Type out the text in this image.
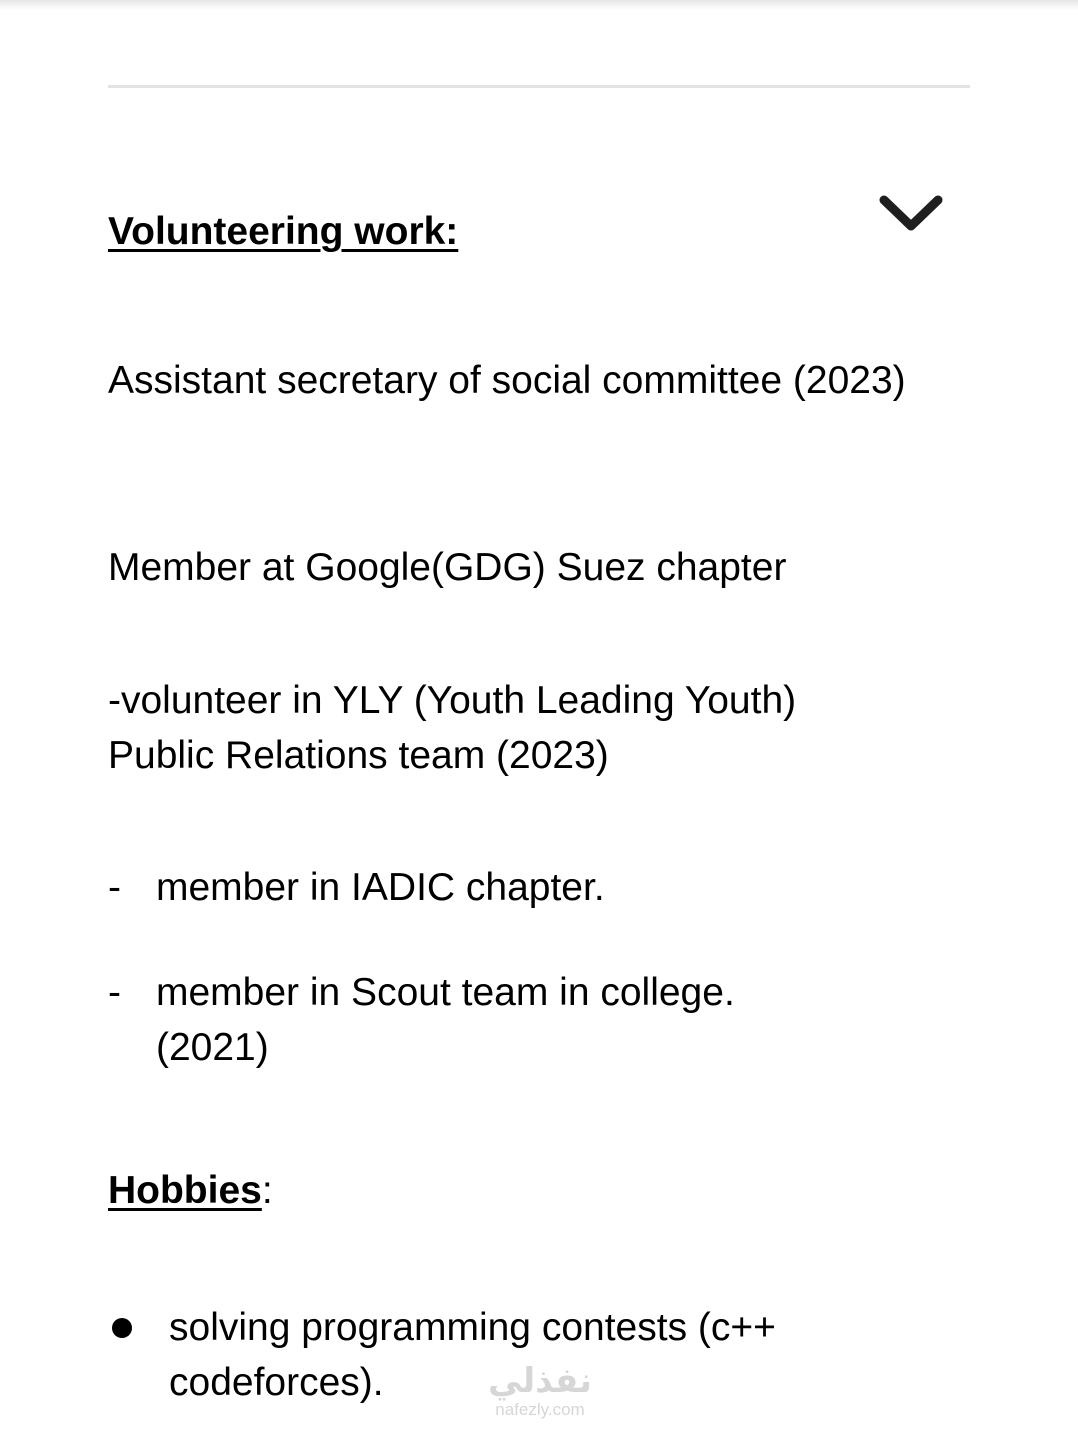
Volunteering work:

Assistant secretary of social committee (2023)

Member at Google(GDG) Suez chapter

-volunteer in YLY (Youth Leading Youth)
Public Relations team (2023)

- member in IADIC chapter.
- member in Scout team in college. (2021)
Hobbies:
solving programming contests (c++ codeforces).	نفذلي
nafezly.com
